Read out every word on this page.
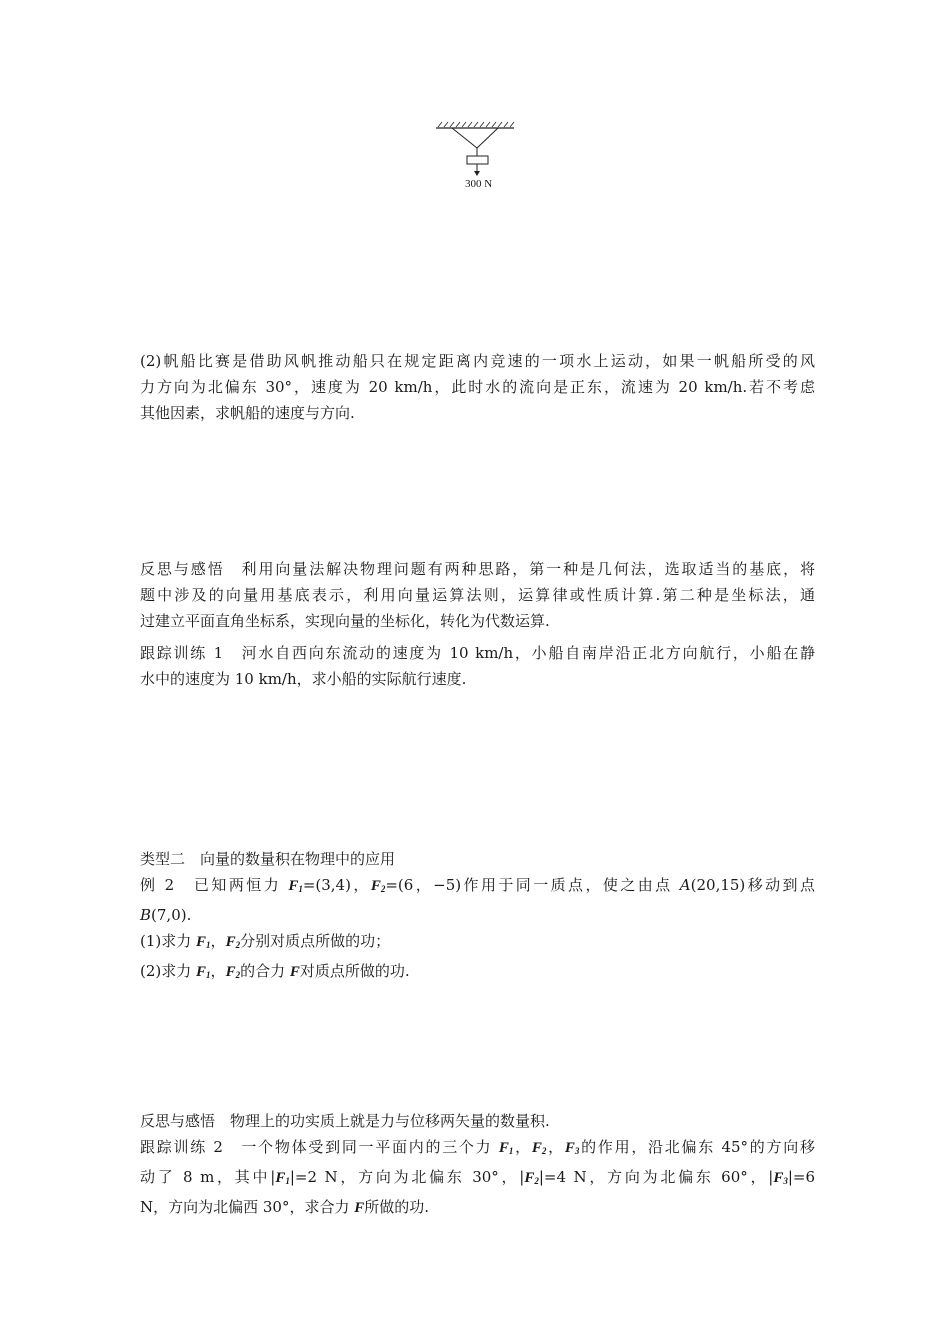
300 N
(2)帆船比赛是借助风帆推动船只在规定距离内竞速的一项水上运动，如果一帆船所受的风
力方向为北偏东 30°，速度为 20 km/h，此时水的流向是正东，流速为 20 km/h.若不考虑
其他因素，求帆船的速度与方向.
反思与感悟　利用向量法解决物理问题有两种思路，第一种是几何法，选取适当的基底，将
题中涉及的向量用基底表示，利用向量运算法则，运算律或性质计算.第二种是坐标法，通
过建立平面直角坐标系，实现向量的坐标化，转化为代数运算.
跟踪训练 1　河水自西向东流动的速度为 10 km/h，小船自南岸沿正北方向航行，小船在静
水中的速度为 10 km/h，求小船的实际航行速度.
类型二　向量的数量积在物理中的应用
例 2　已知两恒力 $F_1=(3,4)$，$F_2=(6$，−5)作用于同一质点，使之由点 A(20,15)移动到点
B(7,0).
(1)求力 $F_1$，$F_2$分别对质点所做的功；
(2)求力 $F_1$，$F_2$的合力 F对质点所做的功.
反思与感悟　物理上的功实质上就是力与位移两矢量的数量积.
跟踪训练 2　一个物体受到同一平面内的三个力 $F_1$，$F_2$，$F_3$的作用，沿北偏东 45°的方向移
动了 8 m，其中$|F_1|=2$ N，方向为北偏东 30°，$|F_2|=4$ N，方向为北偏东 60°，$|F_3|=6$
N，方向为北偏西 30°，求合力 F所做的功.
